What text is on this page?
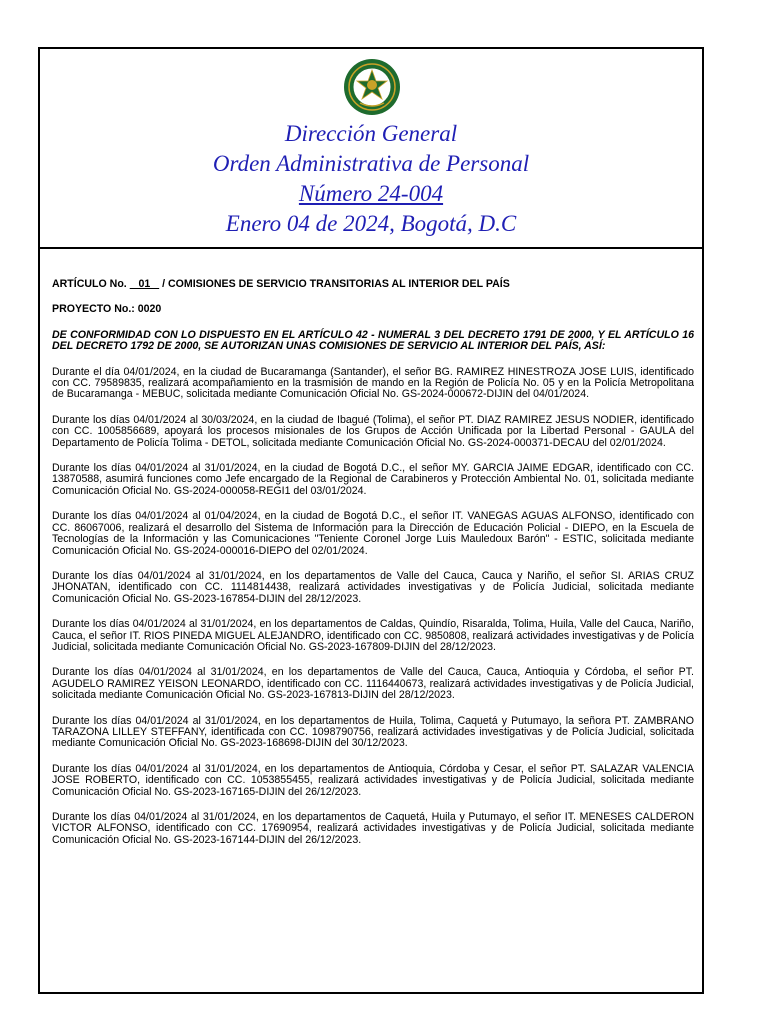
Dirección General
Orden Administrativa de Personal
Número 24-004
Enero 04 de 2024, Bogotá, D.C

ARTÍCULO No.    01    / COMISIONES DE SERVICIO TRANSITORIAS AL INTERIOR DEL PAÍS

PROYECTO No.: 0020

DE CONFORMIDAD CON LO DISPUESTO EN EL ARTÍCULO 42 - NUMERAL 3 DEL DECRETO 1791 DE 2000, Y EL ARTÍCULO 16 DEL DECRETO 1792 DE 2000, SE AUTORIZAN UNAS COMISIONES DE SERVICIO AL INTERIOR DEL PAÍS, ASÍ:

Durante el día 04/01/2024, en la ciudad de Bucaramanga (Santander), el señor BG. RAMIREZ HINESTROZA JOSE LUIS, identificado con CC. 79589835, realizará acompañamiento en la trasmisión de mando en la Región de Policía No. 05 y en la Policía Metropolitana de Bucaramanga - MEBUC, solicitada mediante Comunicación Oficial No. GS-2024-000672-DIJIN del 04/01/2024.

Durante los días 04/01/2024 al 30/03/2024, en la ciudad de Ibagué (Tolima), el señor PT. DIAZ RAMIREZ JESUS NODIER, identificado con CC. 1005856689, apoyará los procesos misionales de los Grupos de Acción Unificada por la Libertad Personal - GAULA del Departamento de Policía Tolima - DETOL, solicitada mediante Comunicación Oficial No. GS-2024-000371-DECAU del 02/01/2024.

Durante los días 04/01/2024 al 31/01/2024, en la ciudad de Bogotá D.C., el señor MY. GARCIA JAIME EDGAR, identificado con CC. 13870588, asumirá funciones como Jefe encargado de la Regional de Carabineros y Protección Ambiental No. 01, solicitada mediante Comunicación Oficial No. GS-2024-000058-REGI1 del 03/01/2024.

Durante los días 04/01/2024 al 01/04/2024, en la ciudad de Bogotá D.C., el señor IT. VANEGAS AGUAS ALFONSO, identificado con CC. 86067006, realizará el desarrollo del Sistema de Información para la Dirección de Educación Policial - DIEPO, en la Escuela de Tecnologías de la Información y las Comunicaciones "Teniente Coronel Jorge Luis Mauledoux Barón" - ESTIC, solicitada mediante Comunicación Oficial No. GS-2024-000016-DIEPO del 02/01/2024.

Durante los días 04/01/2024 al 31/01/2024, en los departamentos de Valle del Cauca, Cauca y Nariño, el señor SI. ARIAS CRUZ JHONATAN, identificado con CC. 1114814438, realizará actividades investigativas y de Policía Judicial, solicitada mediante Comunicación Oficial No. GS-2023-167854-DIJIN del 28/12/2023.

Durante los días 04/01/2024 al 31/01/2024, en los departamentos de Caldas, Quindío, Risaralda, Tolima, Huila, Valle del Cauca, Nariño, Cauca, el señor IT. RIOS PINEDA MIGUEL ALEJANDRO, identificado con CC. 9850808, realizará actividades investigativas y de Policía Judicial, solicitada mediante Comunicación Oficial No. GS-2023-167809-DIJIN del 28/12/2023.

Durante los días 04/01/2024 al 31/01/2024, en los departamentos de Valle del Cauca, Cauca, Antioquia y Córdoba, el señor PT. AGUDELO RAMIREZ YEISON LEONARDO, identificado con CC. 1116440673, realizará actividades investigativas y de Policía Judicial, solicitada mediante Comunicación Oficial No. GS-2023-167813-DIJIN del 28/12/2023.

Durante los días 04/01/2024 al 31/01/2024, en los departamentos de Huila, Tolima, Caquetá y Putumayo, la señora PT. ZAMBRANO TARAZONA LILLEY STEFFANY, identificada con CC. 1098790756, realizará actividades investigativas y de Policía Judicial, solicitada mediante Comunicación Oficial No. GS-2023-168698-DIJIN del 30/12/2023.

Durante los días 04/01/2024 al 31/01/2024, en los departamentos de Antioquia, Córdoba y Cesar, el señor PT. SALAZAR VALENCIA JOSE ROBERTO, identificado con CC. 1053855455, realizará actividades investigativas y de Policía Judicial, solicitada mediante Comunicación Oficial No. GS-2023-167165-DIJIN del 26/12/2023.

Durante los días 04/01/2024 al 31/01/2024, en los departamentos de Caquetá, Huila y Putumayo, el señor IT. MENESES CALDERON VICTOR ALFONSO, identificado con CC. 17690954, realizará actividades investigativas y de Policía Judicial, solicitada mediante Comunicación Oficial No. GS-2023-167144-DIJIN del 26/12/2023.
